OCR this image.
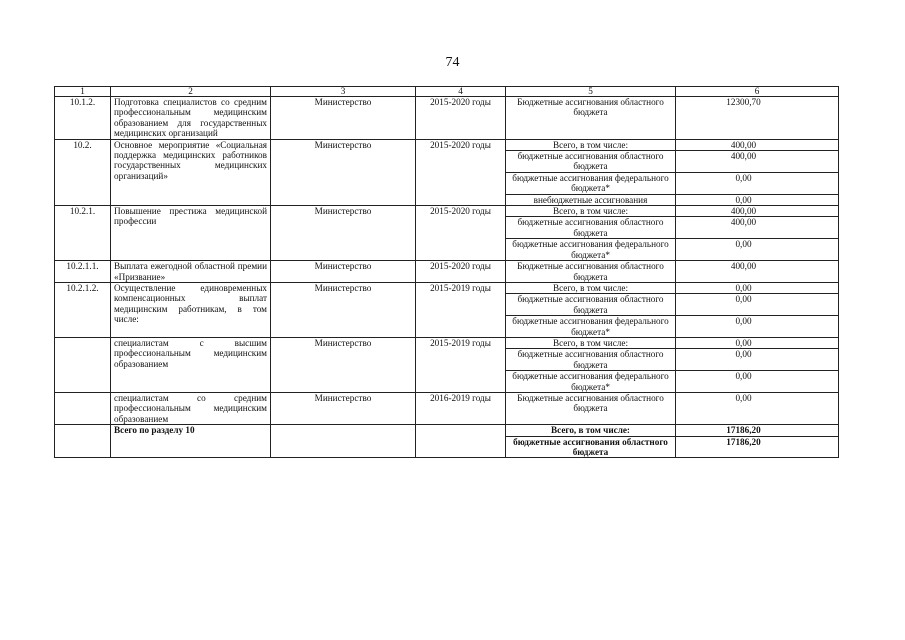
74
1	2	3	4	5	6
10.1.2.	Подготовка специалистов со средним профессиональным медицинским образованием для государственных медицинских организаций	Министерство	2015-2020 годы	Бюджетные ассигнования областного бюджета	12300,70
10.2.	Основное мероприятие «Социальная поддержка медицинских работников государственных медицинских организаций»	Министерство	2015-2020 годы	Всего, в том числе:	400,00
				бюджетные ассигнования областного бюджета	400,00
				бюджетные ассигнования федерального бюджета*	0,00
				внебюджетные ассигнования	0,00
10.2.1.	Повышение престижа медицинской профессии	Министерство	2015-2020 годы	Всего, в том числе:	400,00
				бюджетные ассигнования областного бюджета	400,00
				бюджетные ассигнования федерального бюджета*	0,00
10.2.1.1.	Выплата ежегодной областной премии «Призвание»	Министерство	2015-2020 годы	Бюджетные ассигнования областного бюджета	400,00
10.2.1.2.	Осуществление единовременных компенсационных выплат медицинским работникам, в том числе:	Министерство	2015-2019 годы	Всего, в том числе:	0,00
				бюджетные ассигнования областного бюджета	0,00
				бюджетные ассигнования федерального бюджета*	0,00
	специалистам с высшим профессиональным медицинским образованием	Министерство	2015-2019 годы	Всего, в том числе:	0,00
				бюджетные ассигнования областного бюджета	0,00
				бюджетные ассигнования федерального бюджета*	0,00
	специалистам со средним профессиональным медицинским образованием	Министерство	2016-2019 годы	Бюджетные ассигнования областного бюджета	0,00
	Всего по разделу 10			Всего, в том числе:	17186,20
				бюджетные ассигнования областного бюджета	17186,20
